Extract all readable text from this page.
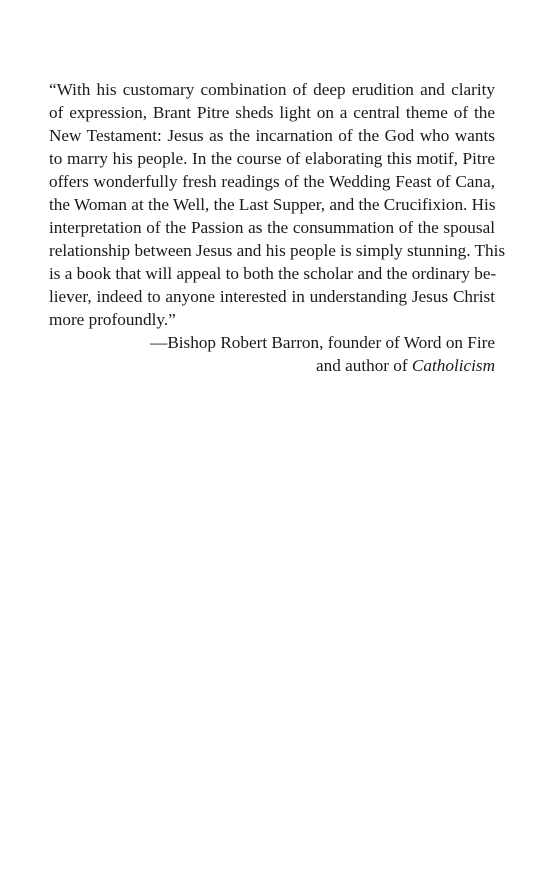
“With his customary combination of deep erudition and clarity
of expression, Brant Pitre sheds light on a central theme of the
New Testament: Jesus as the incarnation of the God who wants
to marry his people. In the course of elaborating this motif, Pitre
offers wonderfully fresh readings of the Wedding Feast of Cana,
the Woman at the Well, the Last Supper, and the Crucifixion. His
interpretation of the Passion as the consummation of the spousal
relationship between Jesus and his people is simply stunning. This
is a book that will appeal to both the scholar and the ordinary be-
liever, indeed to anyone interested in understanding Jesus Christ
more profoundly.”

—Bishop Robert Barron, founder of Word on Fire
and author of Catholicism
